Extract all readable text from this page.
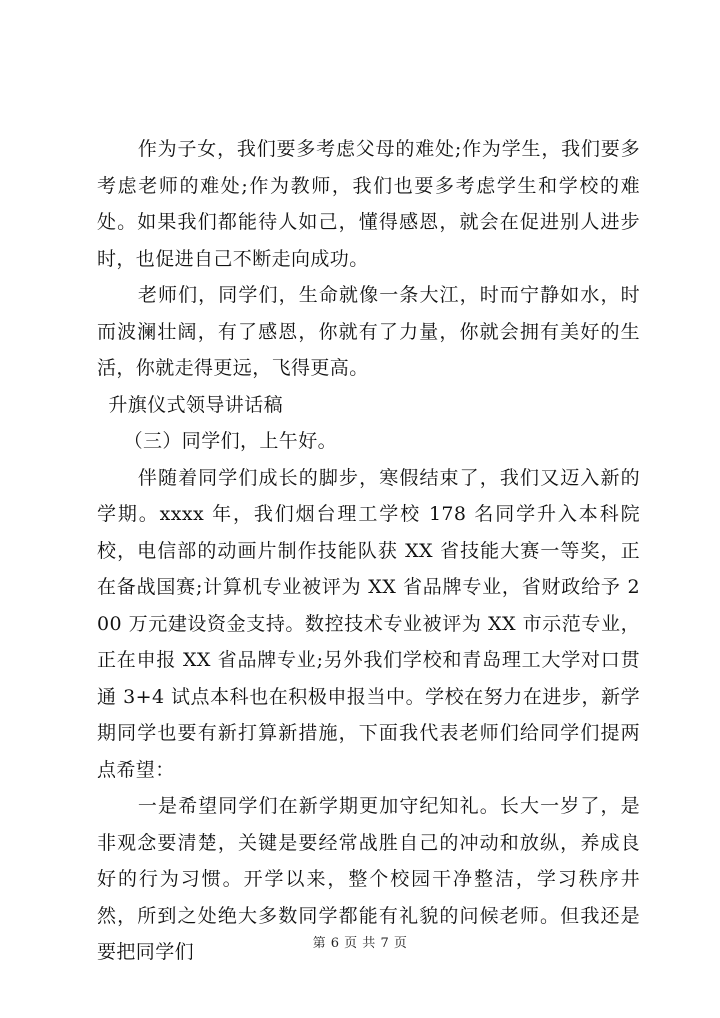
作为子女，我们要多考虑父母的难处;作为学生，我们要多考虑老师的难处;作为教师，我们也要多考虑学生和学校的难处。如果我们都能待人如己，懂得感恩，就会在促进别人进步时，也促进自己不断走向成功。

老师们，同学们，生命就像一条大江，时而宁静如水，时而波澜壮阔，有了感恩，你就有了力量，你就会拥有美好的生活，你就走得更远，飞得更高。

升旗仪式领导讲话稿

（三）同学们，上午好。

伴随着同学们成长的脚步，寒假结束了，我们又迈入新的学期。xxxx 年，我们烟台理工学校 178 名同学升入本科院校，电信部的动画片制作技能队获 XX 省技能大赛一等奖，正在备战国赛;计算机专业被评为 XX 省品牌专业，省财政给予 200 万元建设资金支持。数控技术专业被评为 XX 市示范专业，正在申报 XX 省品牌专业;另外我们学校和青岛理工大学对口贯通 3+4 试点本科也在积极申报当中。学校在努力在进步，新学期同学也要有新打算新措施，下面我代表老师们给同学们提两点希望：

一是希望同学们在新学期更加守纪知礼。长大一岁了，是非观念要清楚，关键是要经常战胜自己的冲动和放纵，养成良好的行为习惯。开学以来，整个校园干净整洁，学习秩序井然，所到之处绝大多数同学都能有礼貌的问候老师。但我还是要把同学们	第 6 页 共 7 页
